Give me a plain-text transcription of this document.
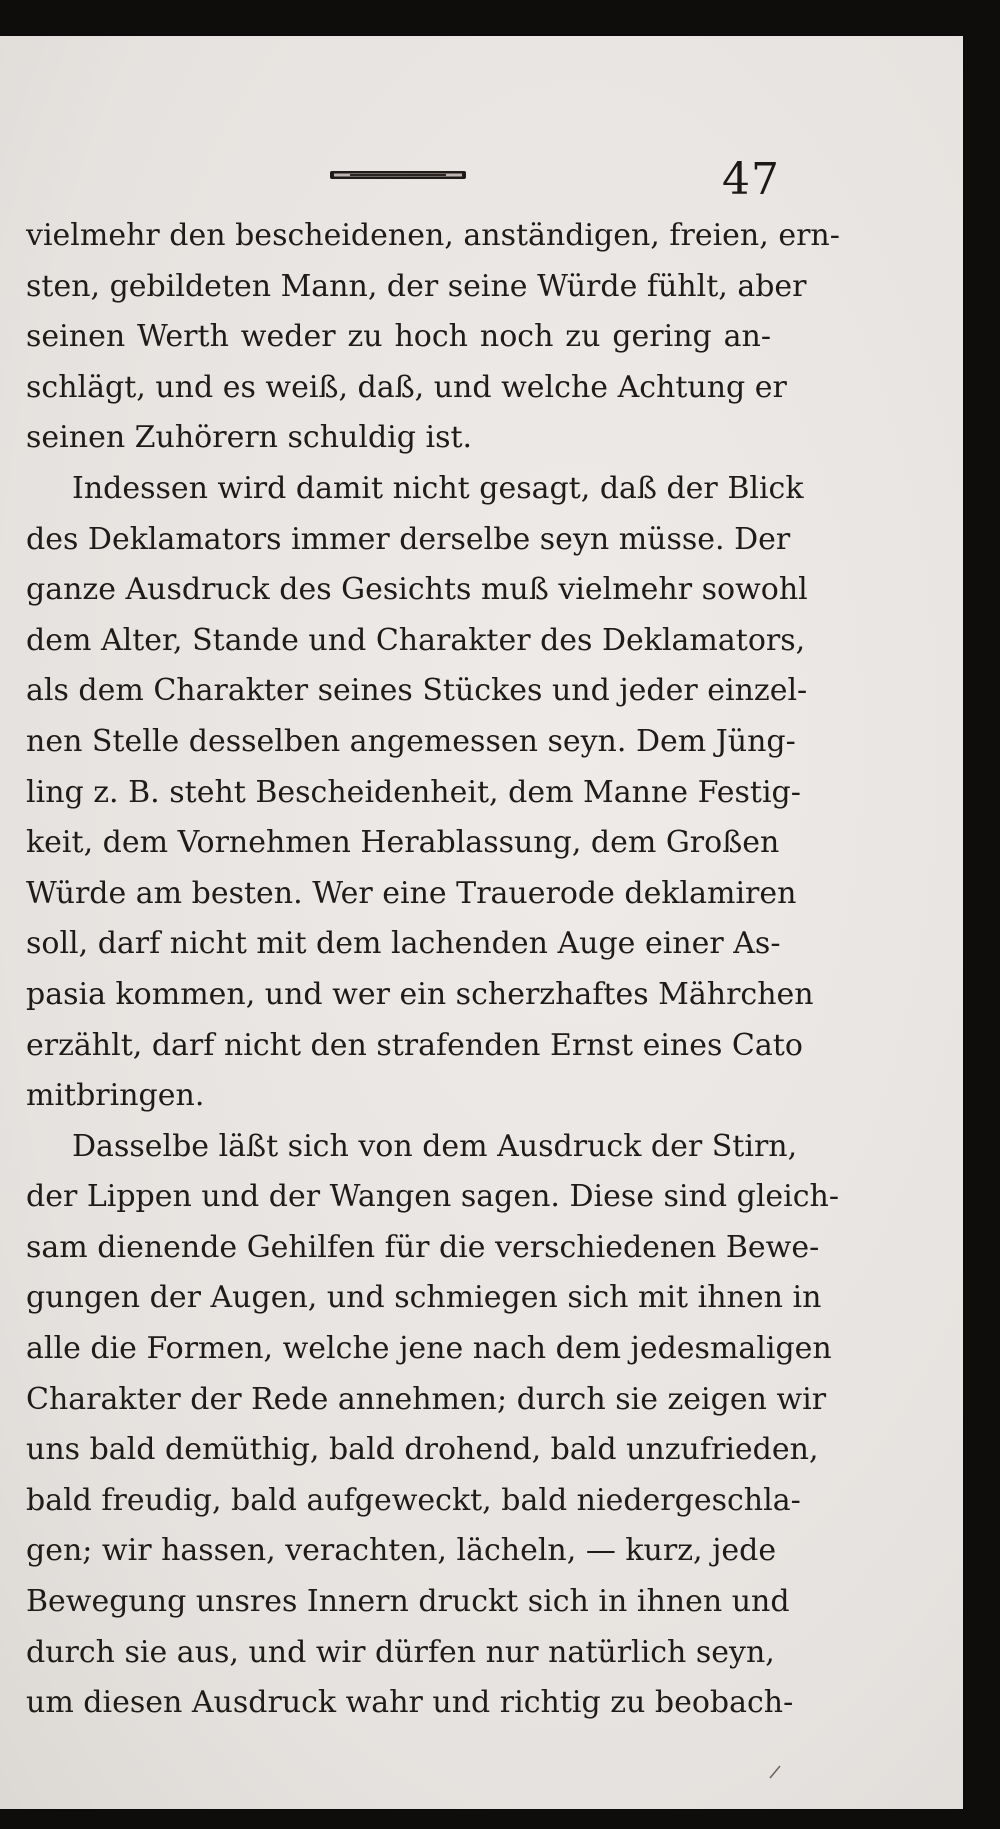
47
vielmehr den bescheidenen, anständigen, freien, ern-
sten, gebildeten Mann, der seine Würde fühlt, aber
seinen Werth weder zu hoch noch zu gering an-
schlägt, und es weiß, daß, und welche Achtung er
seinen Zuhörern schuldig ist.
Indessen wird damit nicht gesagt, daß der Blick
des Deklamators immer derselbe seyn müsse. Der
ganze Ausdruck des Gesichts muß vielmehr sowohl
dem Alter, Stande und Charakter des Deklamators,
als dem Charakter seines Stückes und jeder einzel-
nen Stelle desselben angemessen seyn. Dem Jüng-
ling z. B. steht Bescheidenheit, dem Manne Festig-
keit, dem Vornehmen Herablassung, dem Großen
Würde am besten. Wer eine Trauerode deklamiren
soll, darf nicht mit dem lachenden Auge einer As-
pasia kommen, und wer ein scherzhaftes Mährchen
erzählt, darf nicht den strafenden Ernst eines Cato
mitbringen.
Dasselbe läßt sich von dem Ausdruck der Stirn,
der Lippen und der Wangen sagen. Diese sind gleich-
sam dienende Gehilfen für die verschiedenen Bewe-
gungen der Augen, und schmiegen sich mit ihnen in
alle die Formen, welche jene nach dem jedesmaligen
Charakter der Rede annehmen; durch sie zeigen wir
uns bald demüthig, bald drohend, bald unzufrieden,
bald freudig, bald aufgeweckt, bald niedergeschla-
gen; wir hassen, verachten, lächeln, — kurz, jede
Bewegung unsres Innern druckt sich in ihnen und
durch sie aus, und wir dürfen nur natürlich seyn,
um diesen Ausdruck wahr und richtig zu beobach-
